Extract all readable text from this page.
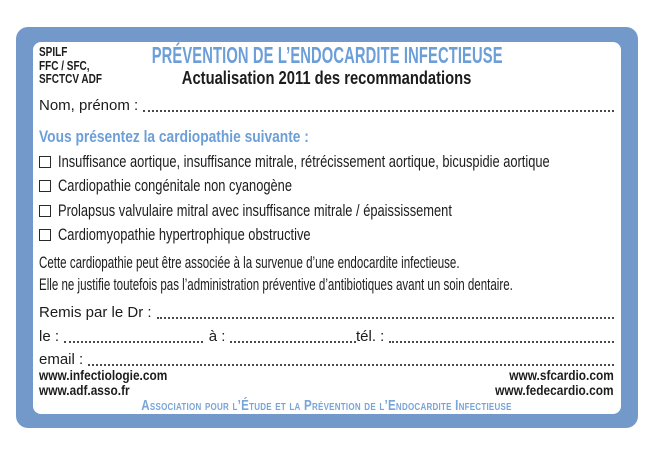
SPILF
FFC / SFC,
SFCTCV ADF
PRÉVENTION DE L’ENDOCARDITE INFECTIEUSE
Actualisation 2011 des recommandations
Nom, prénom :
Vous présentez la cardiopathie suivante :
Insuffisance aortique, insuffisance mitrale, rétrécissement aortique, bicuspidie aortique
Cardiopathie congénitale non cyanogène
Prolapsus valvulaire mitral avec insuffisance mitrale / épaississement
Cardiomyopathie hypertrophique obstructive
Cette cardiopathie peut être associée à la survenue d’une endocardite infectieuse.
Elle ne justifie toutefois pas l’administration préventive d’antibiotiques avant un soin dentaire.
Remis par le Dr :
le :	à :	tél. :
email :
www.infectiologie.com	www.sfcardio.com
www.adf.asso.fr	www.fedecardio.com
Association pour l’Étude et la Prévention de l’Endocardite Infectieuse
